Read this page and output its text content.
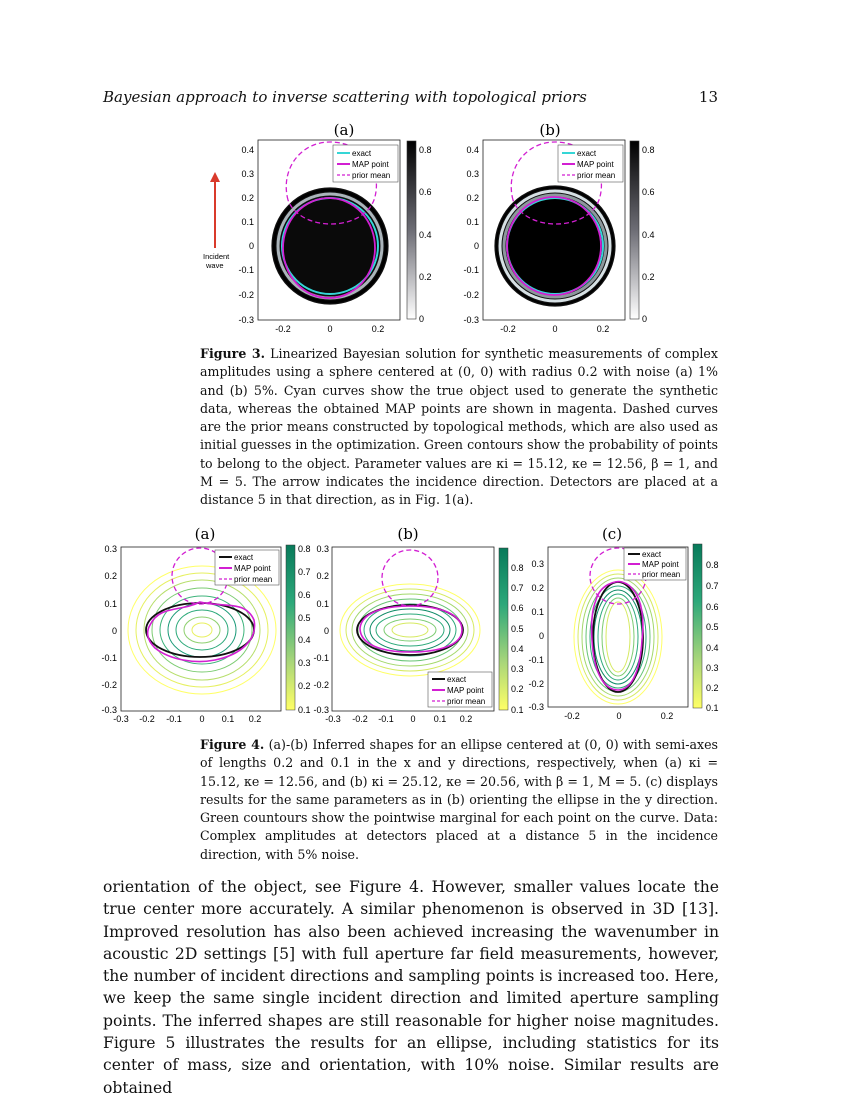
Bayesian approach to inverse scattering with topological priors	13
(a)	(b)
Incident
wave
exact
MAP point
prior mean
0.4
0.3
0.2
0.1
0
-0.1
-0.2
-0.3
-0.2	0	0.2
0.8
0.6
0.4
0.2
0
exact
MAP point
prior mean
0.4
0.3
0.2
0.1
0
-0.1
-0.2
-0.3
-0.2	0	0.2
0.8
0.6
0.4
0.2
0
(a)	(b)	(c)
exact
MAP point
prior mean
0.3
0.2
0.1
0
-0.1
-0.2
-0.3
-0.3 -0.2 -0.1 0 0.1 0.2
0.8
0.7
0.6
0.5
0.4
0.3
0.2
0.1
exact
MAP point
prior mean
0.3
0.2
0.1
0
-0.1
-0.2
-0.3
-0.3 -0.2 -0.1 0 0.1 0.2
0.8
0.7
0.6
0.5
0.4
0.3
0.2
0.1
exact
MAP point
prior mean
0.3
0.2
0.1
0
-0.1
-0.2
-0.3
-0.2	0	0.2
0.8
0.7
0.6
0.5
0.4
0.3
0.2
0.1
Figure 3. Linearized Bayesian solution for synthetic measurements of complex amplitudes using a sphere centered at (0, 0) with radius 0.2 with noise (a) 1% and (b) 5%. Cyan curves show the true object used to generate the synthetic data, whereas the obtained MAP points are shown in magenta. Dashed curves are the prior means constructed by topological methods, which are also used as initial guesses in the optimization. Green contours show the probability of points to belong to the object. Parameter values are κi = 15.12, κe = 12.56, β = 1, and M = 5. The arrow indicates the incidence direction. Detectors are placed at a distance 5 in that direction, as in Fig. 1(a).
Figure 4. (a)-(b) Inferred shapes for an ellipse centered at (0, 0) with semi-axes of lengths 0.2 and 0.1 in the x and y directions, respectively, when (a) κi = 15.12, κe = 12.56, and (b) κi = 25.12, κe = 20.56, with β = 1, M = 5. (c) displays results for the same parameters as in (b) orienting the ellipse in the y direction. Green countours show the pointwise marginal for each point on the curve. Data: Complex amplitudes at detectors placed at a distance 5 in the incidence direction, with 5% noise.
orientation of the object, see Figure 4. However, smaller values locate the true center more accurately. A similar phenomenon is observed in 3D [13]. Improved resolution has also been achieved increasing the wavenumber in acoustic 2D settings [5] with full aperture far field measurements, however, the number of incident directions and sampling points is increased too. Here, we keep the same single incident direction and limited aperture sampling points. The inferred shapes are still reasonable for higher noise magnitudes. Figure 5 illustrates the results for an ellipse, including statistics for its center of mass, size and orientation, with 10% noise. Similar results are obtained
